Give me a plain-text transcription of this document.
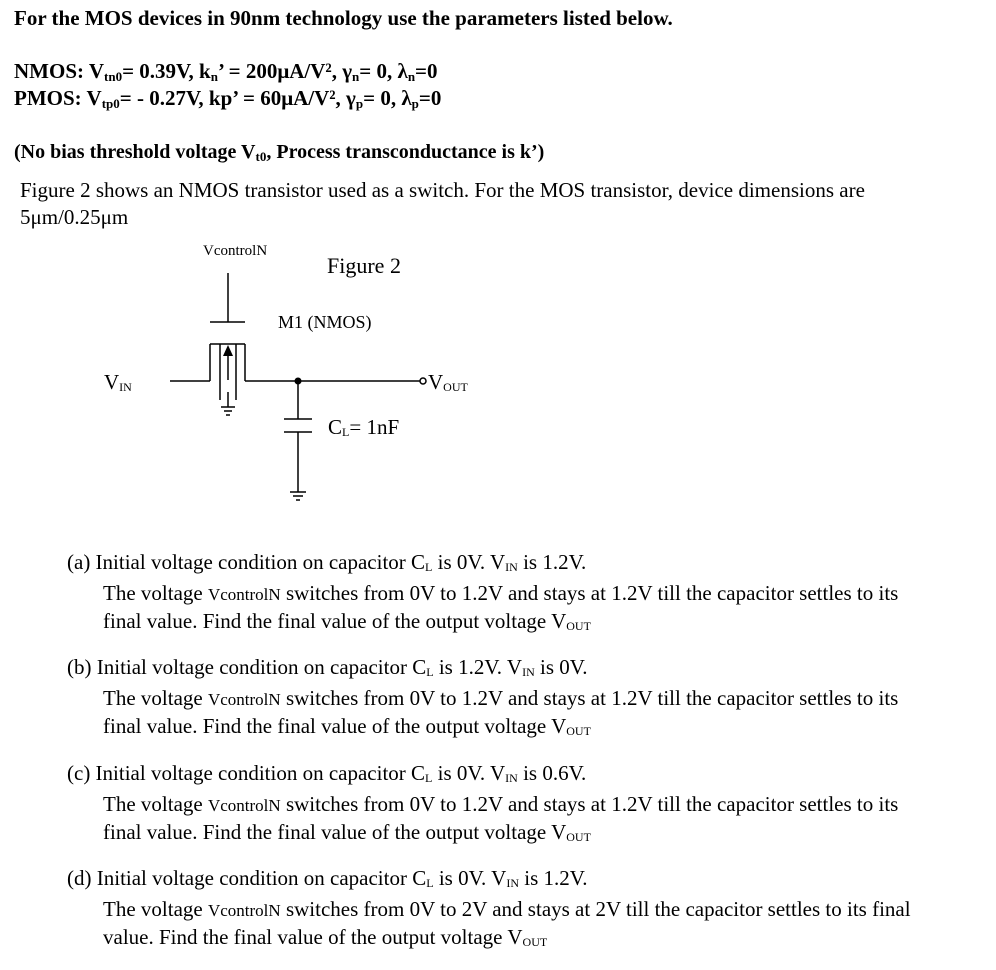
For the MOS devices in 90nm technology use the parameters listed below.
NMOS: $V_{tn0}= 0.39V$, $k_n$’ = 200μA/V², $\gamma_n= 0$, $\lambda_n=0$
PMOS: $V_{tp0}= - 0.27V$, kp’ = 60μA/V², $\gamma_p= 0$, $\lambda_p=0$
(No bias threshold voltage $V_{t0}$, Process transconductance is k’)
Figure 2 shows an NMOS transistor used as a switch. For the MOS transistor, device dimensions are
5μm/0.25μm
VcontrolN
Figure 2
M1 (NMOS)
$V_{IN}$	$V_{OUT}$
$C_L= 1nF$
(a) Initial voltage condition on capacitor $C_L$ is 0V. $V_{IN}$ is 1.2V.
The voltage VcontrolN switches from 0V to 1.2V and stays at 1.2V till the capacitor settles to its
final value. Find the final value of the output voltage $V_{OUT}$
(b) Initial voltage condition on capacitor $C_L$ is 1.2V. $V_{IN}$ is 0V.
The voltage VcontrolN switches from 0V to 1.2V and stays at 1.2V till the capacitor settles to its
final value. Find the final value of the output voltage $V_{OUT}$
(c) Initial voltage condition on capacitor $C_L$ is 0V. $V_{IN}$ is 0.6V.
The voltage VcontrolN switches from 0V to 1.2V and stays at 1.2V till the capacitor settles to its
final value. Find the final value of the output voltage $V_{OUT}$
(d) Initial voltage condition on capacitor $C_L$ is 0V. $V_{IN}$ is 1.2V.
The voltage VcontrolN switches from 0V to 2V and stays at 2V till the capacitor settles to its final
value. Find the final value of the output voltage $V_{OUT}$
